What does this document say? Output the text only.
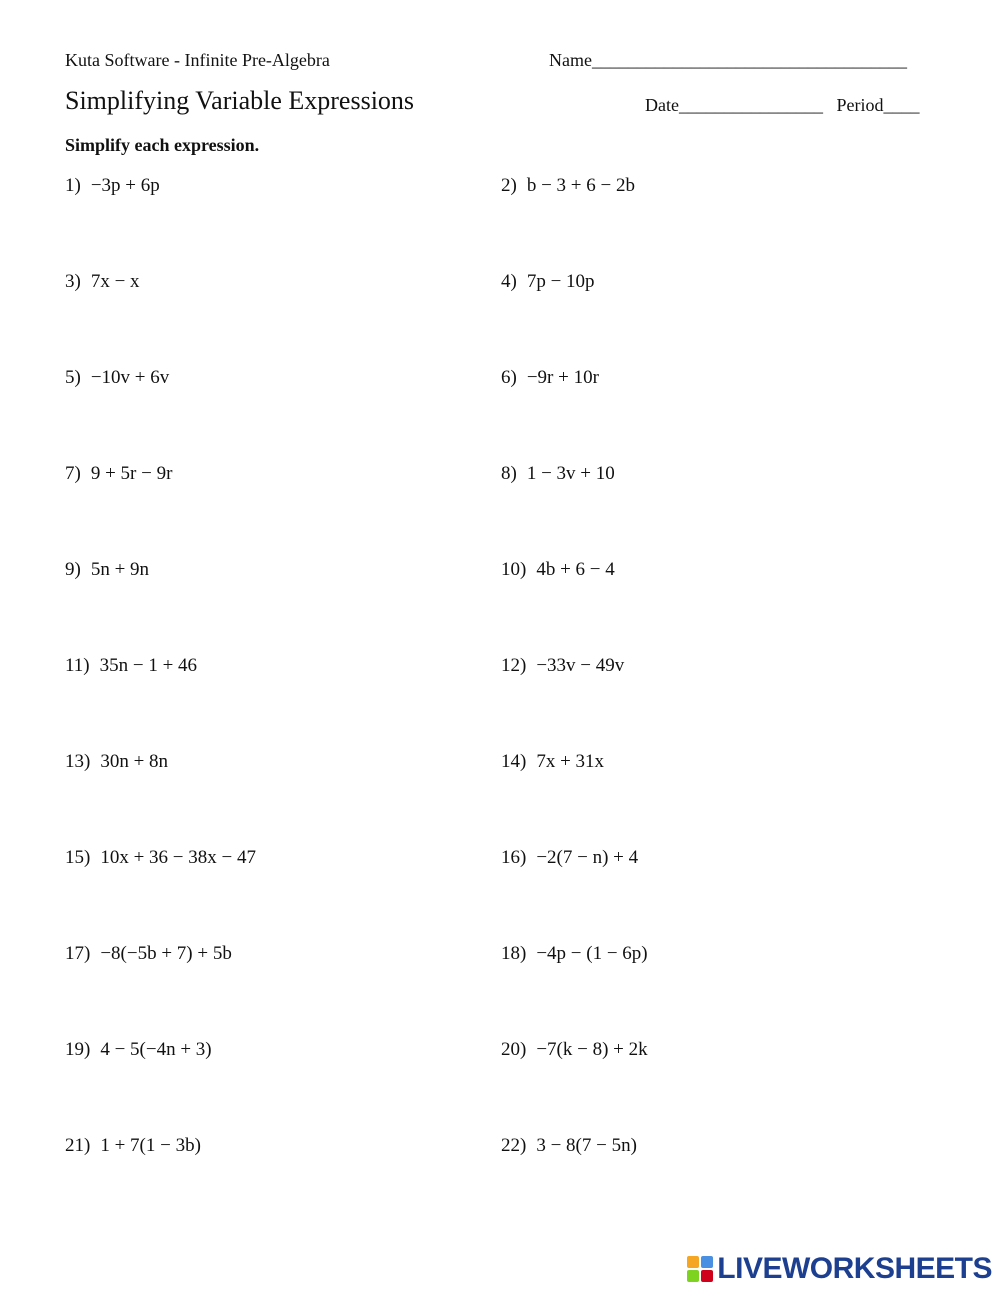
Kuta Software - Infinite Pre-Algebra	Name___________________________________
Simplifying Variable Expressions	Date________________ Period____
Simplify each expression.
1) −3p + 6p	2) b − 3 + 6 − 2b
3) 7x − x	4) 7p − 10p
5) −10v + 6v	6) −9r + 10r
7) 9 + 5r − 9r	8) 1 − 3v + 10
9) 5n + 9n	10) 4b + 6 − 4
11) 35n − 1 + 46	12) −33v − 49v
13) 30n + 8n	14) 7x + 31x
15) 10x + 36 − 38x − 47	16) −2(7 − n) + 4
17) −8(−5b + 7) + 5b	18) −4p − (1 − 6p)
19) 4 − 5(−4n + 3)	20) −7(k − 8) + 2k
21) 1 + 7(1 − 3b)	22) 3 − 8(7 − 5n)
LIVEWORKSHEETS
